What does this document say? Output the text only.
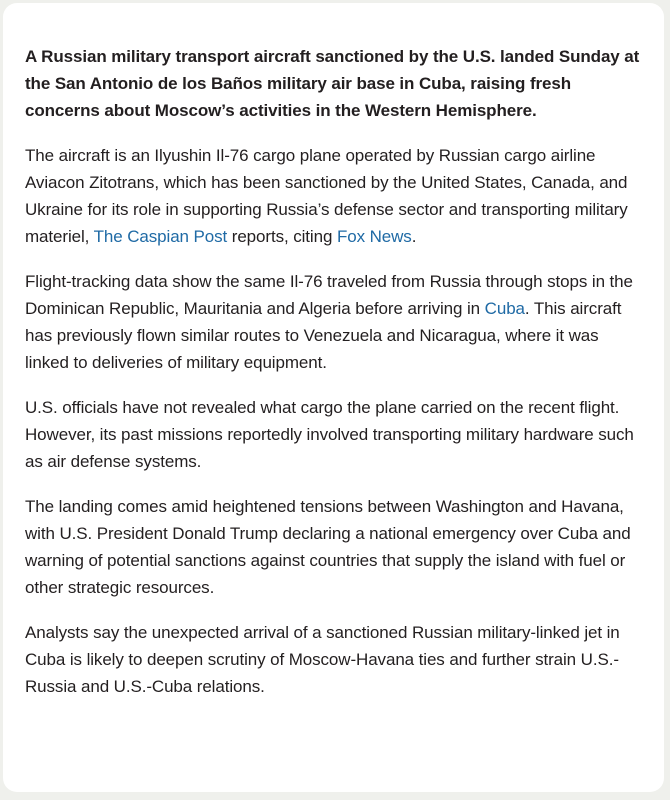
A Russian military transport aircraft sanctioned by the U.S. landed Sunday at the San Antonio de los Baños military air base in Cuba, raising fresh concerns about Moscow’s activities in the Western Hemisphere.

The aircraft is an Ilyushin Il-76 cargo plane operated by Russian cargo airline Aviacon Zitotrans, which has been sanctioned by the United States, Canada, and Ukraine for its role in supporting Russia’s defense sector and transporting military materiel, The Caspian Post reports, citing Fox News.

Flight-tracking data show the same Il-76 traveled from Russia through stops in the Dominican Republic, Mauritania and Algeria before arriving in Cuba. This aircraft has previously flown similar routes to Venezuela and Nicaragua, where it was linked to deliveries of military equipment.

U.S. officials have not revealed what cargo the plane carried on the recent flight. However, its past missions reportedly involved transporting military hardware such as air defense systems.

The landing comes amid heightened tensions between Washington and Havana, with U.S. President Donald Trump declaring a national emergency over Cuba and warning of potential sanctions against countries that supply the island with fuel or other strategic resources.

Analysts say the unexpected arrival of a sanctioned Russian military-linked jet in Cuba is likely to deepen scrutiny of Moscow-Havana ties and further strain U.S.-Russia and U.S.-Cuba relations.
